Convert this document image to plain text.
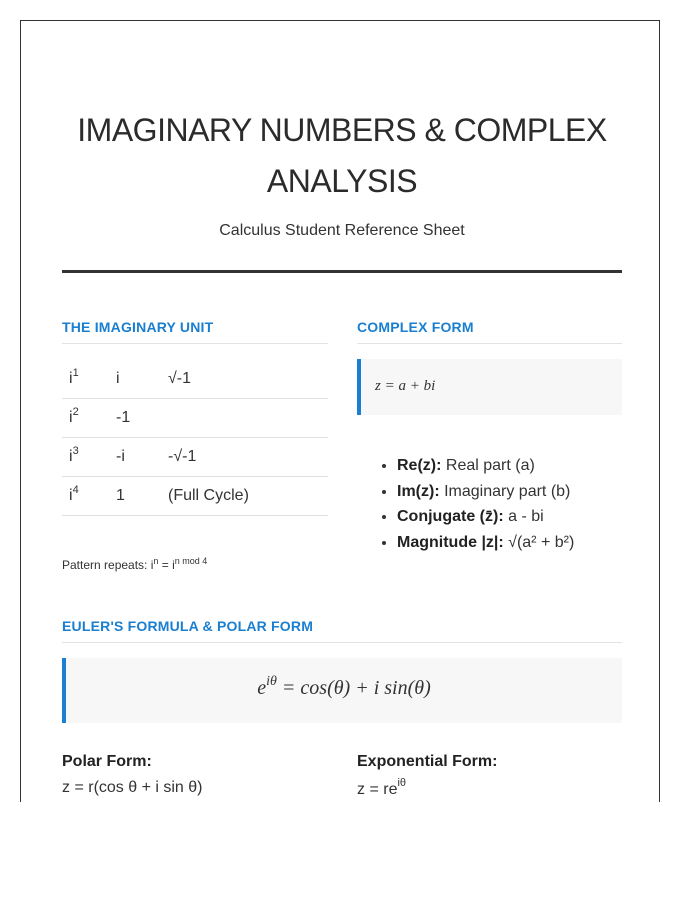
IMAGINARY NUMBERS & COMPLEX ANALYSIS
Calculus Student Reference Sheet
THE IMAGINARY UNIT
$i^1$	i	√-1
$i^2$	-1	
$i^3$	-i	-√-1
$i^4$	1	(Full Cycle)
Pattern repeats: $i^n = i^{n mod 4}$
COMPLEX FORM
z = a + bi
• Re(z): Real part (a)
• Im(z): Imaginary part (b)
• Conjugate (z̄): a - bi
• Magnitude |z|: √(a² + b²)
EULER'S FORMULA & POLAR FORM
$e^{i\theta} = \cos(\theta) + i$ sin(θ)
Polar Form:
z = r(cos θ + i sin θ)
Exponential Form:
$z = re^{i\theta}$
